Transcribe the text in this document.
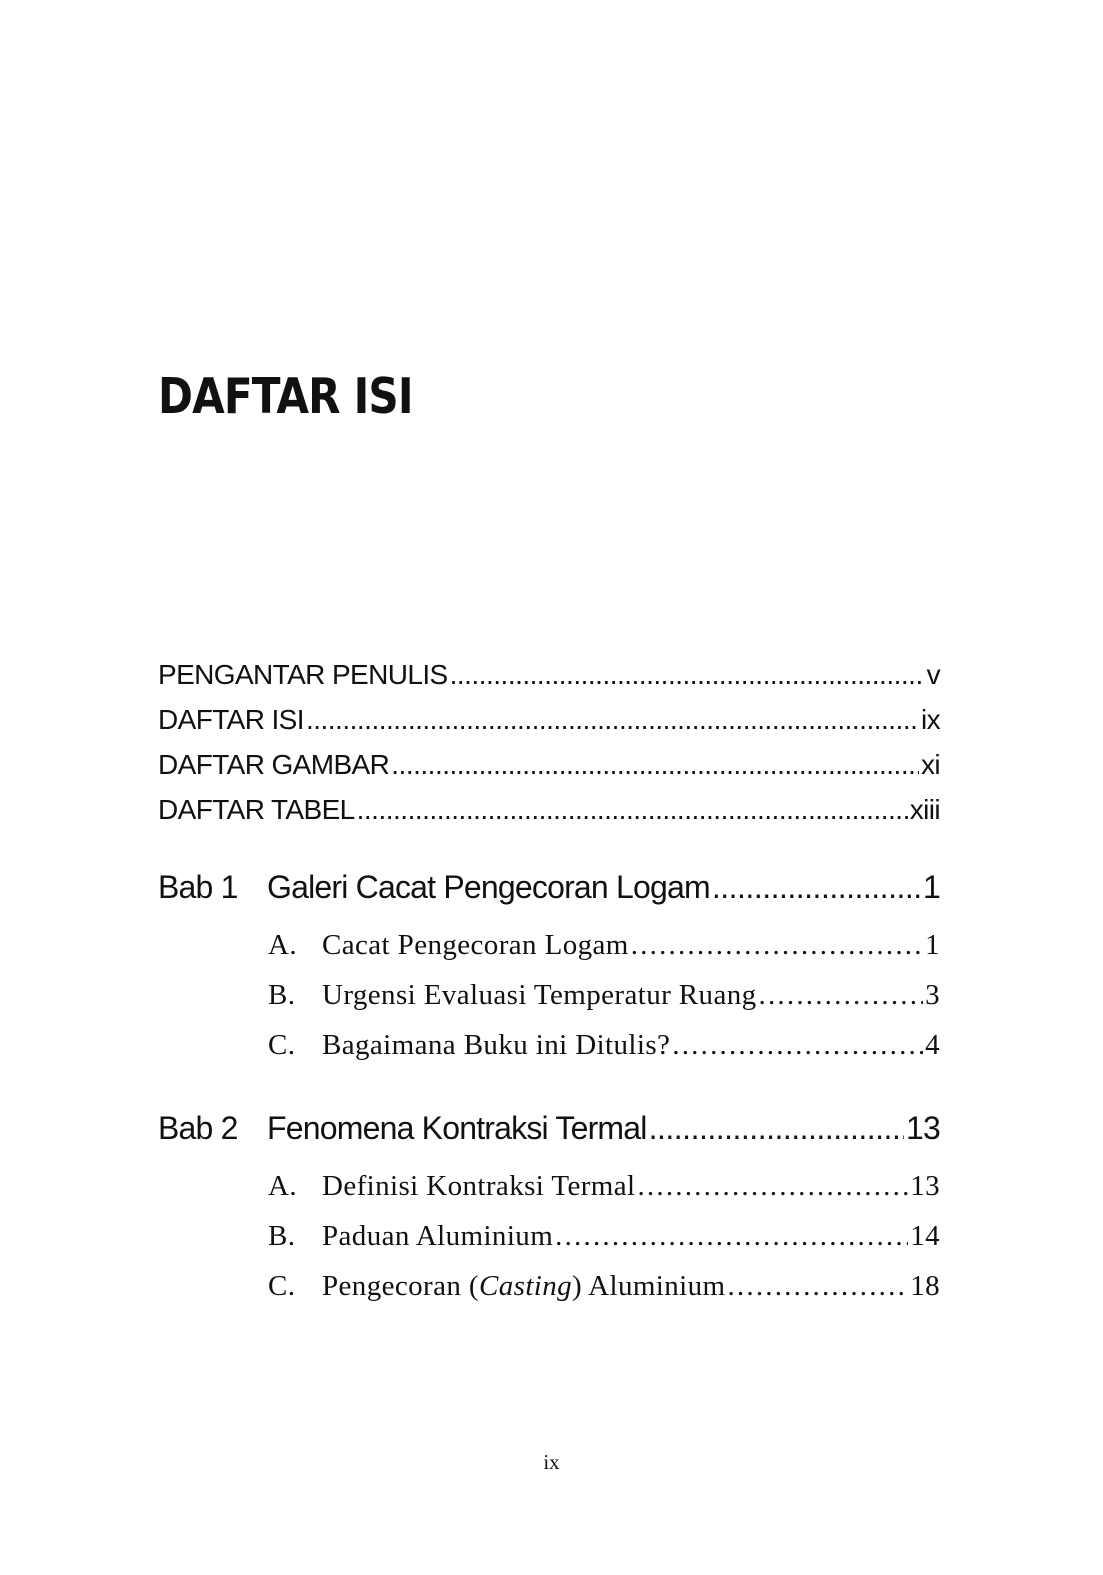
DAFTAR ISI
PENGANTAR PENULIS .....	v
DAFTAR ISI .....	ix
DAFTAR GAMBAR .....	xi
DAFTAR TABEL .....	xiii
Bab 1 Galeri Cacat Pengecoran Logam .....	1
A. Cacat Pengecoran Logam .....	1
B. Urgensi Evaluasi Temperatur Ruang .....	3
C. Bagaimana Buku ini Ditulis? .....	4
Bab 2 Fenomena Kontraksi Termal .....	13
A. Definisi Kontraksi Termal .....	13
B. Paduan Aluminium .....	14
C. Pengecoran (Casting) Aluminium .....	18
ix
